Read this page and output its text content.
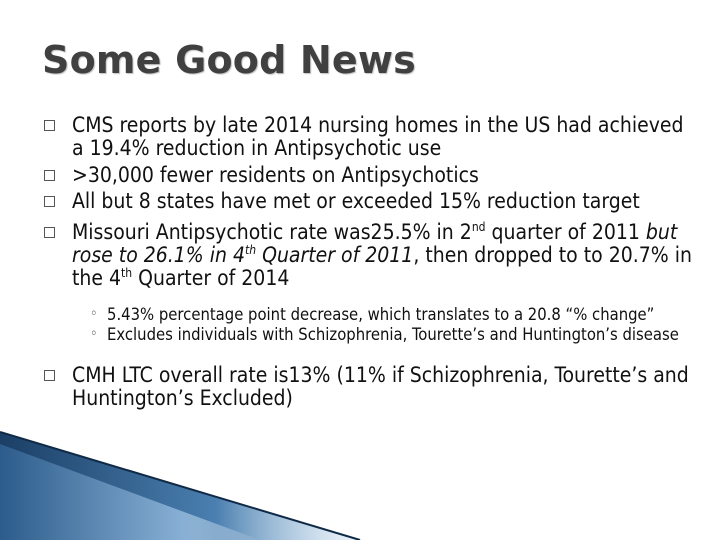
Some Good News
CMS reports by late 2014 nursing homes in the US had achieved a 19.4% reduction in Antipsychotic use
>30,000 fewer residents on Antipsychotics
All but 8 states have met or exceeded 15% reduction target
Missouri Antipsychotic rate was25.5% in 2nd quarter of 2011 but rose to 26.1% in 4th Quarter of 2011, then dropped to to 20.7% in the 4th Quarter of 2014
◦ 5.43% percentage point decrease, which translates to a 20.8 “% change”
◦ Excludes individuals with Schizophrenia, Tourette’s and Huntington’s disease
CMH LTC overall rate is13% (11% if Schizophrenia, Tourette’s and Huntington’s Excluded)
